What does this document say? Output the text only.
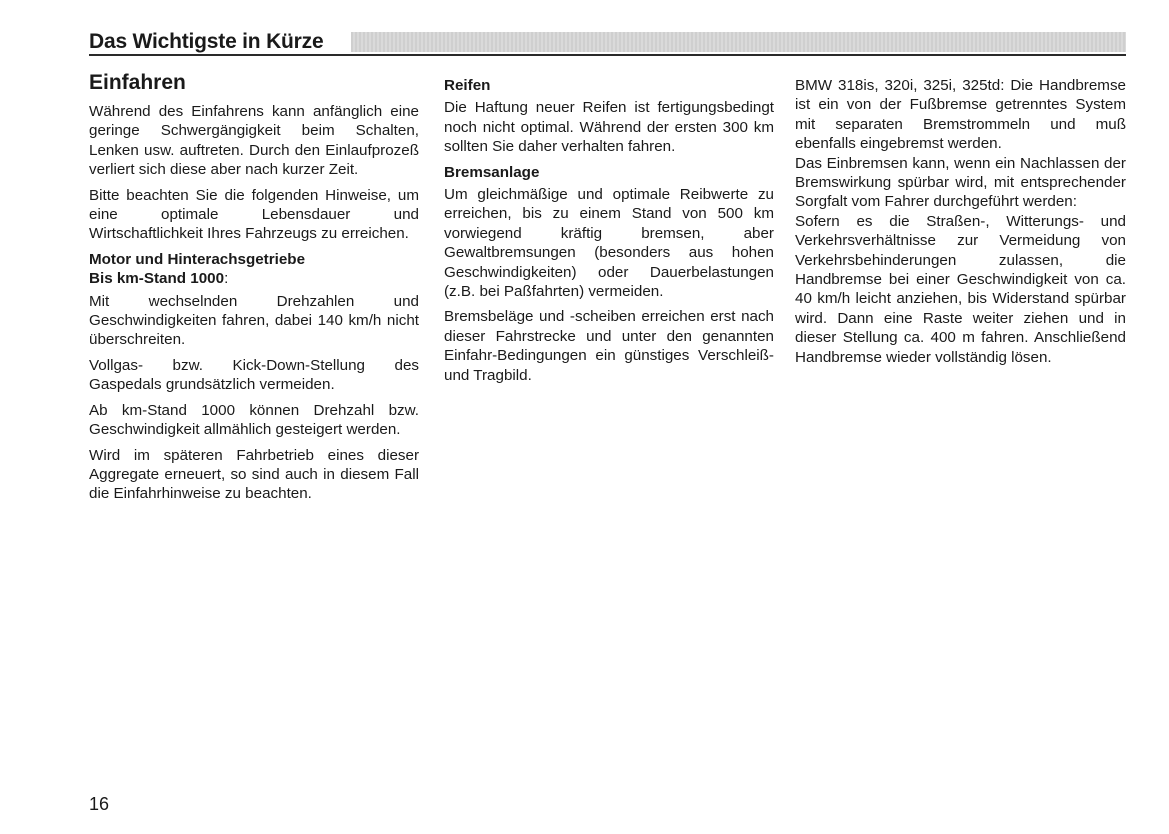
Das Wichtigste in Kürze
Einfahren

Während des Einfahrens kann anfänglich eine geringe Schwergängigkeit beim Schalten, Lenken usw. auftreten. Durch den Einlaufprozeß verliert sich diese aber nach kurzer Zeit.

Bitte beachten Sie die folgenden Hinweise, um eine optimale Lebensdauer und Wirtschaftlichkeit Ihres Fahrzeugs zu erreichen.

Motor und Hinterachsgetriebe
Bis km-Stand 1000:

Mit wechselnden Drehzahlen und Geschwindigkeiten fahren, dabei 140 km/h nicht überschreiten.

Vollgas- bzw. Kick-Down-Stellung des Gaspedals grundsätzlich vermeiden.

Ab km-Stand 1000 können Drehzahl bzw. Geschwindigkeit allmählich gesteigert werden.

Wird im späteren Fahrbetrieb eines dieser Aggregate erneuert, so sind auch in diesem Fall die Einfahrhinweise zu beachten.

Reifen

Die Haftung neuer Reifen ist fertigungsbedingt noch nicht optimal. Während der ersten 300 km sollten Sie daher verhalten fahren.

Bremsanlage

Um gleichmäßige und optimale Reibwerte zu erreichen, bis zu einem Stand von 500 km vorwiegend kräftig bremsen, aber Gewaltbremsungen (besonders aus hohen Geschwindigkeiten) oder Dauerbelastungen (z.B. bei Paßfahrten) vermeiden.

Bremsbeläge und -scheiben erreichen erst nach dieser Fahrstrecke und unter den genannten Einfahr-Bedingungen ein günstiges Verschleiß- und Tragbild.

BMW 318is, 320i, 325i, 325td: Die Handbremse ist ein von der Fußbremse getrenntes System mit separaten Bremstrommeln und muß ebenfalls eingebremst werden.

Das Einbremsen kann, wenn ein Nachlassen der Bremswirkung spürbar wird, mit entsprechender Sorgfalt vom Fahrer durchgeführt werden:

Sofern es die Straßen-, Witterungs- und Verkehrsverhältnisse zur Vermeidung von Verkehrsbehinderungen zulassen, die Handbremse bei einer Geschwindigkeit von ca. 40 km/h leicht anziehen, bis Widerstand spürbar wird. Dann eine Raste weiter ziehen und in dieser Stellung ca. 400 m fahren. Anschließend Handbremse wieder vollständig lösen.

16
